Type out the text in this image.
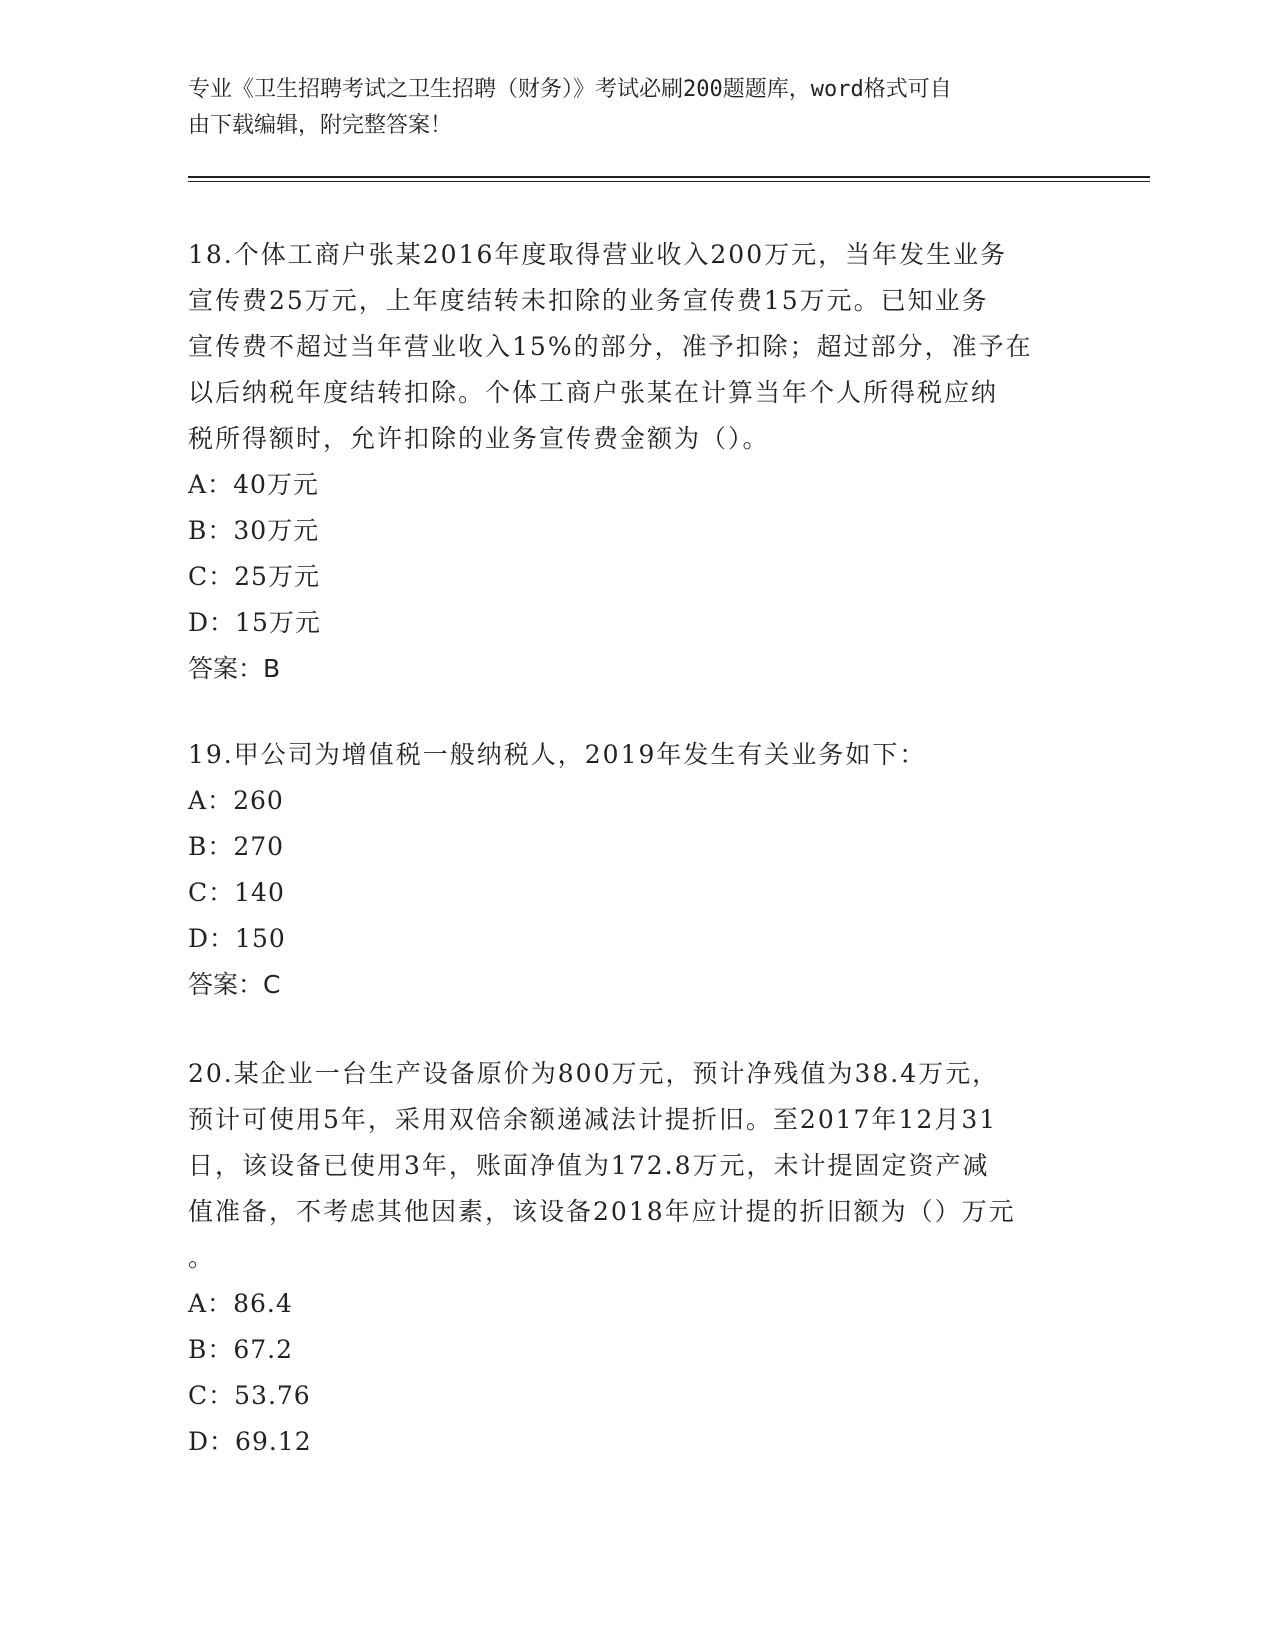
专业《卫生招聘考试之卫生招聘（财务）》考试必刷200题题库，word格式可自
由下载编辑，附完整答案！

18.个体工商户张某2016年度取得营业收入200万元，当年发生业务

宣传费25万元，上年度结转未扣除的业务宣传费15万元。已知业务

宣传费不超过当年营业收入15%的部分，准予扣除；超过部分，准予在

以后纳税年度结转扣除。个体工商户张某在计算当年个人所得税应纳

税所得额时，允许扣除的业务宣传费金额为（）。

A： 40万元
B： 30万元
C： 25万元
D： 15万元

答案：B

19.甲公司为增值税一般纳税人，2019年发生有关业务如下：

A： 260
B： 270
C： 140
D： 150

答案：C

20.某企业一台生产设备原价为800万元，预计净残值为38.4万元，

预计可使用5年，采用双倍余额递减法计提折旧。至2017年12月31

日，该设备已使用3年，账面净值为172.8万元，未计提固定资产减

值准备，不考虑其他因素，该设备2018年应计提的折旧额为（）万元

。

A： 86.4
B： 67.2
C： 53.76
D： 69.12
